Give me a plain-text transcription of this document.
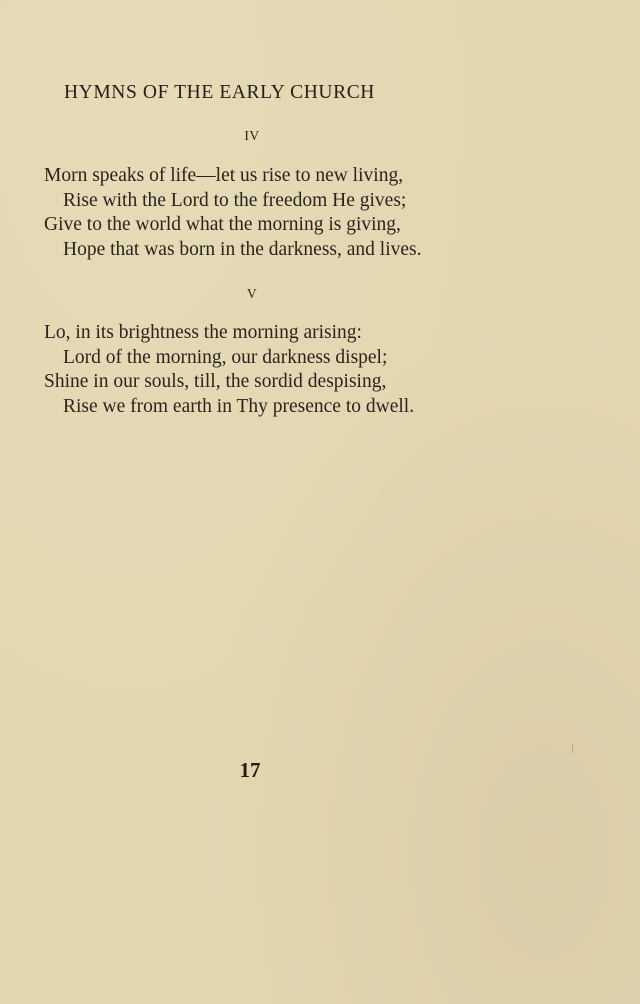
HYMNS OF THE EARLY CHURCH
IV
Morn speaks of life—let us rise to new living,
Rise with the Lord to the freedom He gives;
Give to the world what the morning is giving,
Hope that was born in the darkness, and lives.
V
Lo, in its brightness the morning arising:
Lord of the morning, our darkness dispel;
Shine in our souls, till, the sordid despising,
Rise we from earth in Thy presence to dwell.
17
